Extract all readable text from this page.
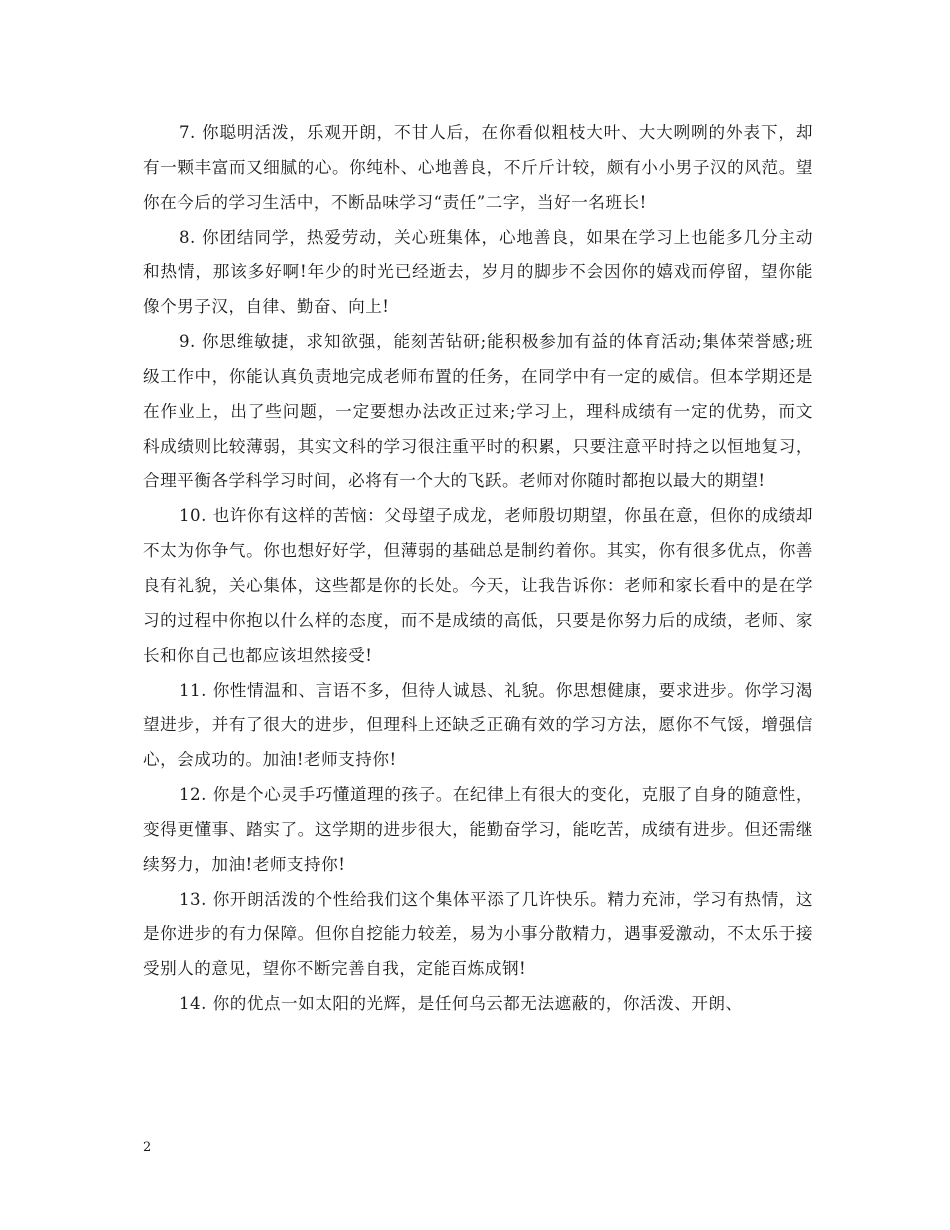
7. 你聪明活泼，乐观开朗，不甘人后，在你看似粗枝大叶、大大咧咧的外表下，却有一颗丰富而又细腻的心。你纯朴、心地善良，不斤斤计较，颇有小小男子汉的风范。望你在今后的学习生活中，不断品味学习“责任”二字，当好一名班长!

8. 你团结同学，热爱劳动，关心班集体，心地善良，如果在学习上也能多几分主动和热情，那该多好啊!年少的时光已经逝去，岁月的脚步不会因你的嬉戏而停留，望你能像个男子汉，自律、勤奋、向上!

9. 你思维敏捷，求知欲强，能刻苦钻研;能积极参加有益的体育活动;集体荣誉感;班级工作中，你能认真负责地完成老师布置的任务，在同学中有一定的威信。但本学期还是在作业上，出了些问题，一定要想办法改正过来;学习上，理科成绩有一定的优势，而文科成绩则比较薄弱，其实文科的学习很注重平时的积累，只要注意平时持之以恒地复习，合理平衡各学科学习时间，必将有一个大的飞跃。老师对你随时都抱以最大的期望!

10. 也许你有这样的苦恼：父母望子成龙，老师殷切期望，你虽在意，但你的成绩却不太为你争气。你也想好好学，但薄弱的基础总是制约着你。其实，你有很多优点，你善良有礼貌，关心集体，这些都是你的长处。今天，让我告诉你：老师和家长看中的是在学习的过程中你抱以什么样的态度，而不是成绩的高低，只要是你努力后的成绩，老师、家长和你自己也都应该坦然接受!

11. 你性情温和、言语不多，但待人诚恳、礼貌。你思想健康，要求进步。你学习渴望进步，并有了很大的进步，但理科上还缺乏正确有效的学习方法，愿你不气馁，增强信心，会成功的。加油!老师支持你!

12. 你是个心灵手巧懂道理的孩子。在纪律上有很大的变化，克服了自身的随意性，变得更懂事、踏实了。这学期的进步很大，能勤奋学习，能吃苦，成绩有进步。但还需继续努力，加油!老师支持你!

13. 你开朗活泼的个性给我们这个集体平添了几许快乐。精力充沛，学习有热情，这是你进步的有力保障。但你自挖能力较差，易为小事分散精力，遇事爱激动，不太乐于接受别人的意见，望你不断完善自我，定能百炼成钢!

14. 你的优点一如太阳的光辉，是任何乌云都无法遮蔽的，你活泼、开朗、

2
